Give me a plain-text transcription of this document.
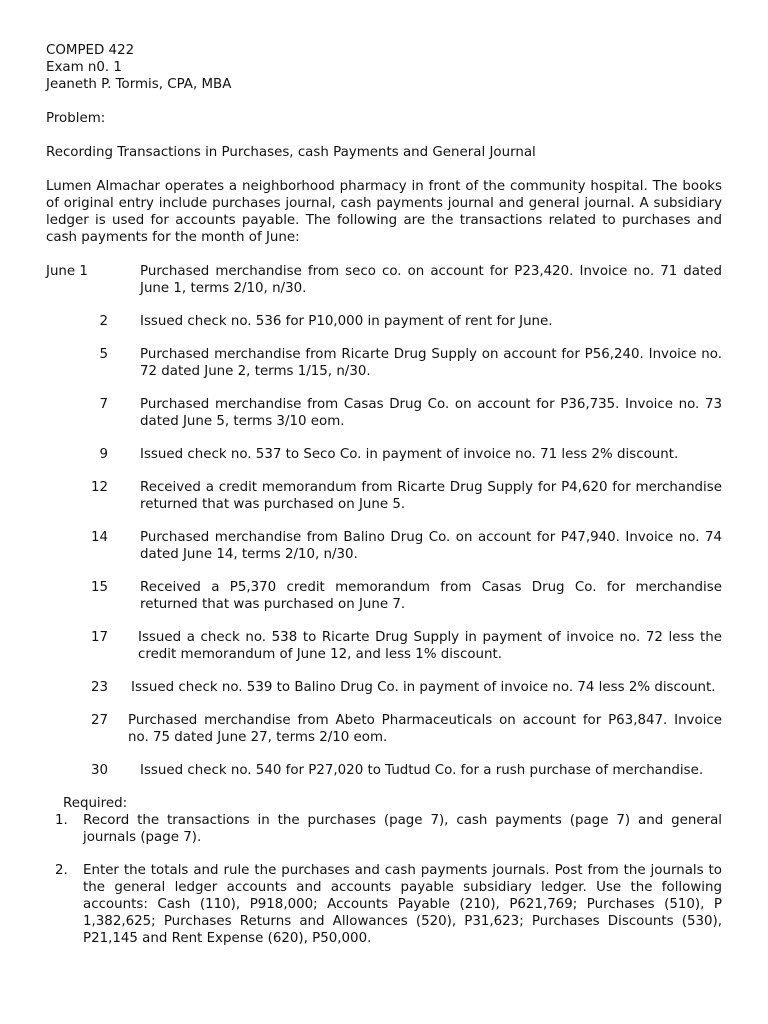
COMPED 422
Exam n0. 1
Jeaneth P. Tormis, CPA, MBA
Problem:
Recording Transactions in Purchases, cash Payments and General Journal
Lumen Almachar operates a neighborhood pharmacy in front of the community hospital. The books of original entry include purchases journal, cash payments journal and general journal. A subsidiary ledger is used for accounts payable. The following are the transactions related to purchases and cash payments for the month of June:
June 1	Purchased merchandise from seco co. on account for P23,420. Invoice no. 71 dated June 1, terms 2/10, n/30.
2 Issued check no. 536 for P10,000 in payment of rent for June.
5 Purchased merchandise from Ricarte Drug Supply on account for P56,240. Invoice no. 72 dated June 2, terms 1/15, n/30.
7 Purchased merchandise from Casas Drug Co. on account for P36,735. Invoice no. 73 dated June 5, terms 3/10 eom.
9 Issued check no. 537 to Seco Co. in payment of invoice no. 71 less 2% discount.
12 Received a credit memorandum from Ricarte Drug Supply for P4,620 for merchandise returned that was purchased on June 5.
14 Purchased merchandise from Balino Drug Co. on account for P47,940. Invoice no. 74 dated June 14, terms 2/10, n/30.
15 Received a P5,370 credit memorandum from Casas Drug Co. for merchandise returned that was purchased on June 7.
17 Issued a check no. 538 to Ricarte Drug Supply in payment of invoice no. 72 less the credit memorandum of June 12, and less 1% discount.
23 Issued check no. 539 to Balino Drug Co. in payment of invoice no. 74 less 2% discount.
27 Purchased merchandise from Abeto Pharmaceuticals on account for P63,847. Invoice no. 75 dated June 27, terms 2/10 eom.
30 Issued check no. 540 for P27,020 to Tudtud Co. for a rush purchase of merchandise.
Required:
1.	Record the transactions in the purchases (page 7), cash payments (page 7) and general journals (page 7).
2.	Enter the totals and rule the purchases and cash payments journals. Post from the journals to the general ledger accounts and accounts payable subsidiary ledger. Use the following accounts: Cash (110), P918,000; Accounts Payable (210), P621,769; Purchases (510), P 1,382,625; Purchases Returns and Allowances (520), P31,623; Purchases Discounts (530), P21,145 and Rent Expense (620), P50,000.
